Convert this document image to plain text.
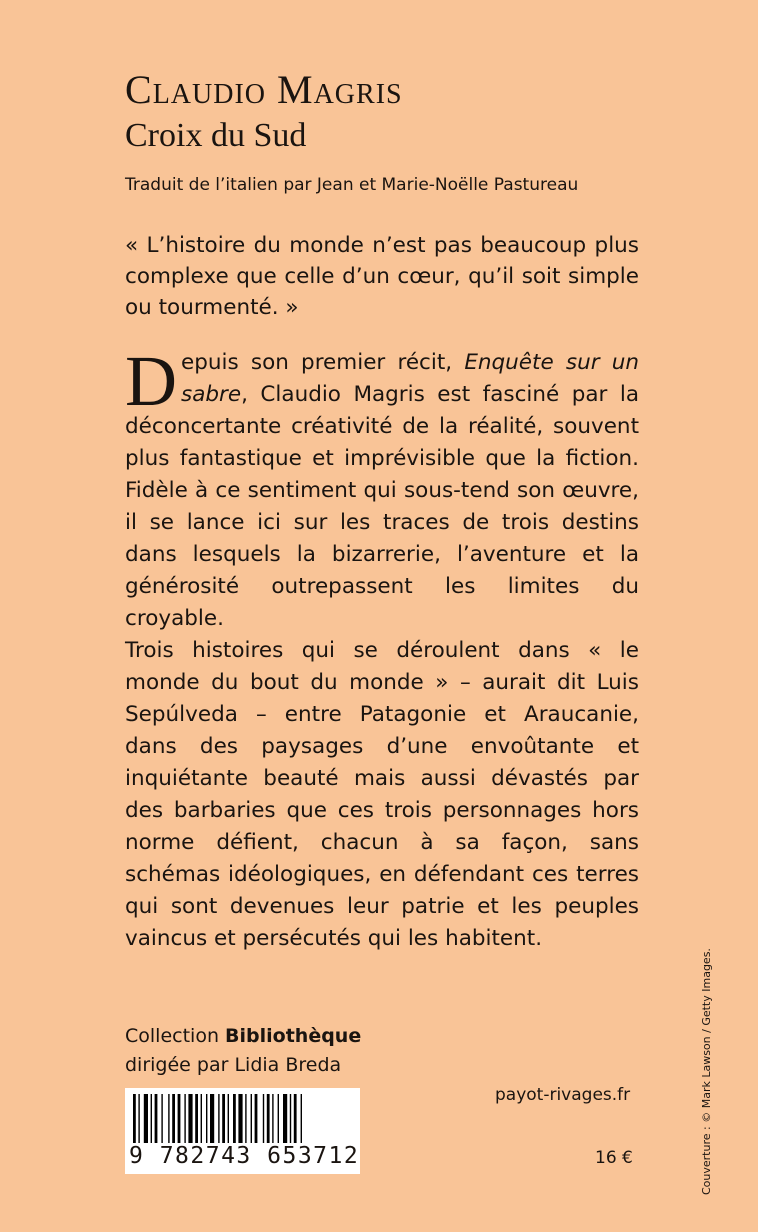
Claudio Magris
Croix du Sud
Traduit de l’italien par Jean et Marie-Noëlle Pastureau
« L’histoire du monde n’est pas beaucoup plus complexe que celle d’un cœur, qu’il soit simple ou tourmenté. »

Depuis son premier récit, Enquête sur un sabre, Claudio Magris est fasciné par la déconcertante créativité de la réalité, souvent plus fantastique et imprévisible que la fiction. Fidèle à ce sentiment qui sous-tend son œuvre, il se lance ici sur les traces de trois destins dans lesquels la bizarrerie, l’aventure et la générosité outrepassent les limites du croyable.

Trois histoires qui se déroulent dans « le monde du bout du monde » – aurait dit Luis Sepúlveda – entre Patagonie et Araucanie, dans des paysages d’une envoûtante et inquiétante beauté mais aussi dévastés par des barbaries que ces trois personnages hors norme défient, chacun à sa façon, sans schémas idéologiques, en défendant ces terres qui sont devenues leur patrie et les peuples vaincus et persécutés qui les habitent.

Collection Bibliothèque
dirigée par Lidia Breda
9 782743 653712
payot-rivages.fr
16 €	Couverture : © Mark Lawson / Getty Images.
